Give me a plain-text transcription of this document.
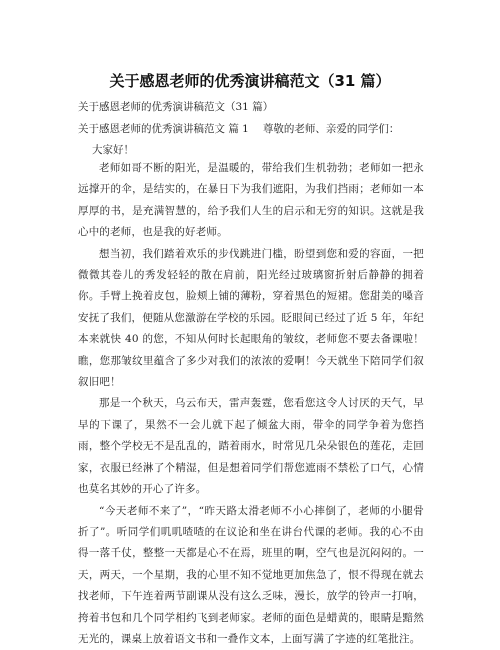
关于感恩老师的优秀演讲稿范文（31 篇）
关于感恩老师的优秀演讲稿范文（31 篇）
关于感恩老师的优秀演讲稿范文 篇 1 尊敬的老师、亲爱的同学们：
大家好！

老师如哥不断的阳光，是温暖的，带给我们生机勃勃；老师如一把永远撑开的伞，是结实的，在暴日下为我们遮阳，为我们挡雨；老师如一本厚厚的书，是充满智慧的，给予我们人生的启示和无穷的知识。这就是我心中的老师，也是我的好老师。

想当初，我们踏着欢乐的步伐跳进门槛，盼望到您和爱的容面，一把微微其卷儿的秀发轻轻的散在肩前，阳光经过玻璃窗折射后静静的拥着你。手臂上挽着皮包，脸颊上铺的薄粉，穿着黑色的短裙。您甜美的嗓音安抚了我们，便随从您激游在学校的乐园。眨眼间已经过了近 5 年，年纪本来就快 40 的您，不知从何时长起眼角的皱纹，老师您不要去备课啦！瞧，您那皱纹里蕴含了多少对我们的浓浓的爱啊！今天就坐下陪同学们叙叙旧吧！

那是一个秋天，乌云布天，雷声轰霆，您看您这令人讨厌的天气，早早的下课了，果然不一会儿就下起了倾盆大雨，带伞的同学争着为您挡雨，整个学校无不是乱乱的，踏着雨水，时常见几朵朵银色的莲花，走回家，衣服已经淋了个精湿，但是想着同学们帮您遮雨不禁松了口气，心情也莫名其妙的开心了许多。

“今天老师不来了”，“昨天路太滑老师不小心摔倒了，老师的小腿骨折了”。听同学们叽叽喳喳的在议论和坐在讲台代课的老师。我的心不由得一落千仗，整整一天都是心不在焉，班里的啊，空气也是沉闷闷的。一天，两天，一个星期，我的心里不知不觉地更加焦急了，恨不得现在就去找老师，下午连着两节副课从没有这么乏味，漫长，放学的铃声一打响，挎着书包和几个同学相约飞到老师家。老师的面色是蜡黄的，眼睛是黯然无光的，课桌上放着语文书和一叠作文本，上面写满了字迹的红笔批注。
